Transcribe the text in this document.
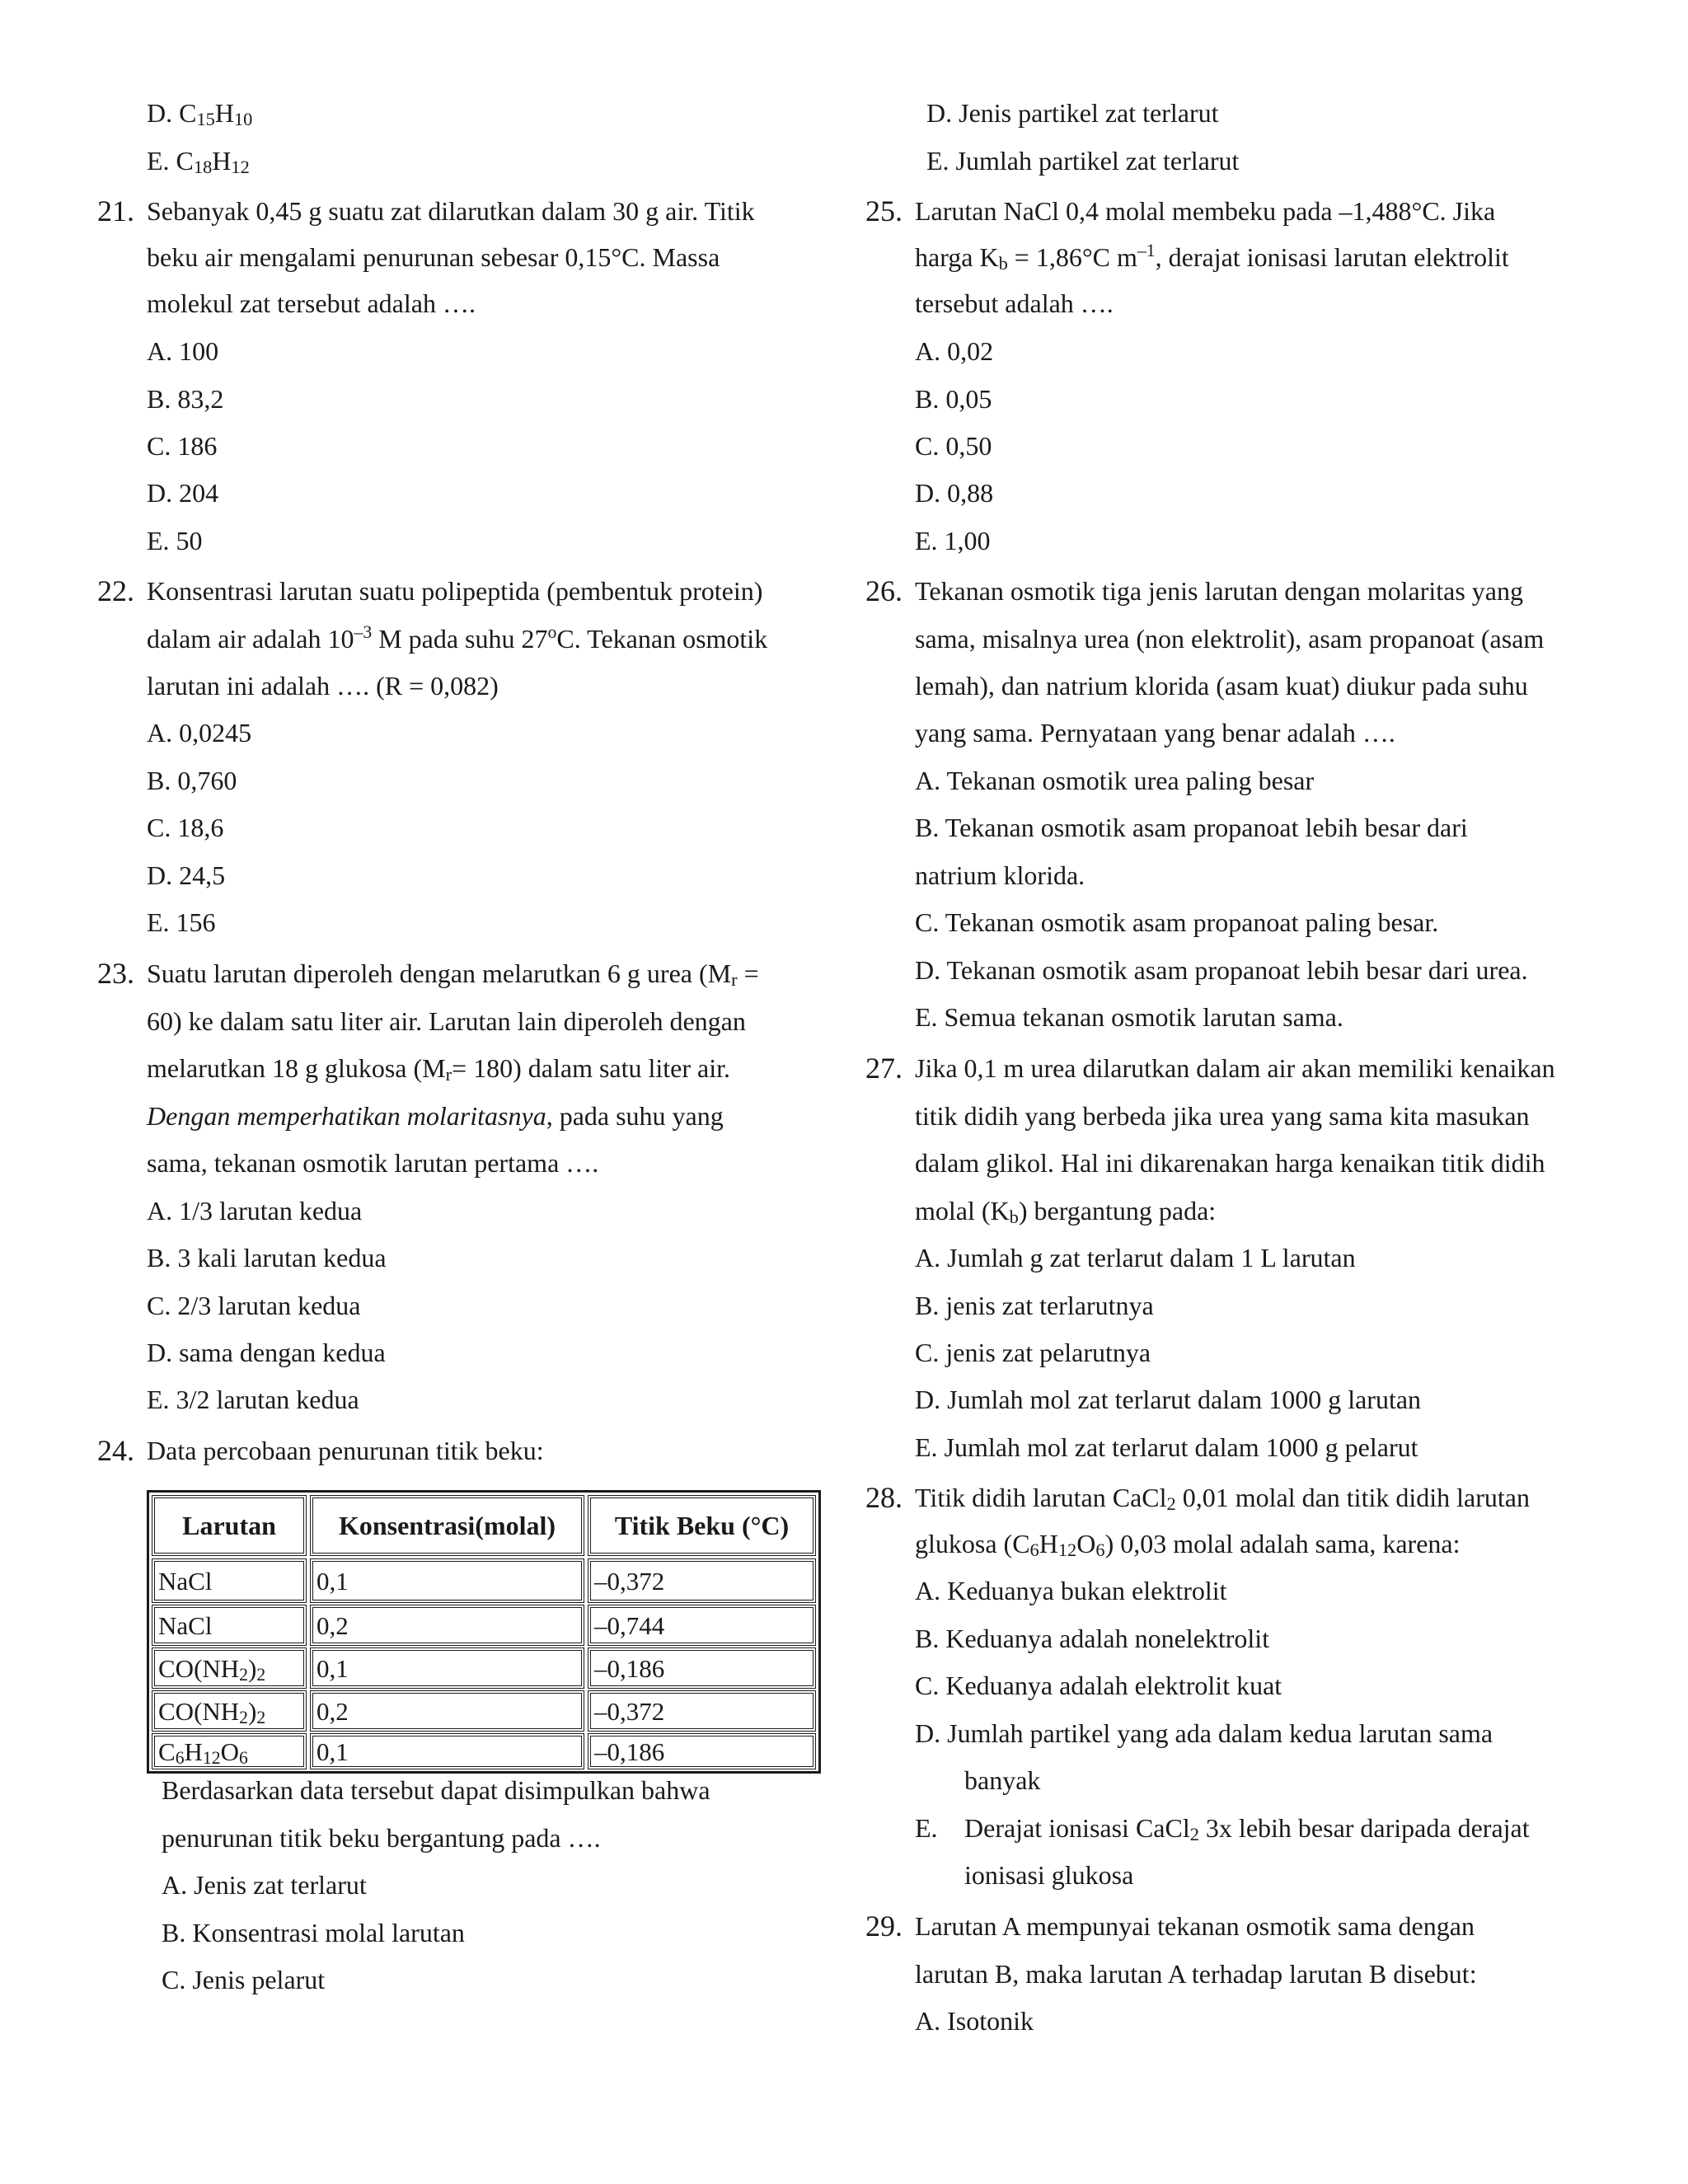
D. $C_{15}H_{10}$
E. $C_{18}H_{12}$
21. Sebanyak 0,45 g suatu zat dilarutkan dalam 30 g air. Titik
beku air mengalami penurunan sebesar 0,15°C. Massa
molekul zat tersebut adalah ….
A. 100
B. 83,2
C. 186
D. 204
E. 50
22. Konsentrasi larutan suatu polipeptida (pembentuk protein)
dalam air adalah $10^{-3}$ M pada suhu 27$^o$C. Tekanan osmotik
larutan ini adalah …. (R = 0,082)
A. 0,0245
B. 0,760
C. 18,6
D. 24,5
E. 156
23. Suatu larutan diperoleh dengan melarutkan 6 g urea ($M_r$ =
60) ke dalam satu liter air. Larutan lain diperoleh dengan
melarutkan 18 g glukosa $(M_r= 180)$ dalam satu liter air.
Dengan memperhatikan molaritasnya, pada suhu yang
sama, tekanan osmotik larutan pertama ….
A. 1/3 larutan kedua
B. 3 kali larutan kedua
C. 2/3 larutan kedua
D. sama dengan kedua
E. 3/2 larutan kedua
24. Data percobaan penurunan titik beku:
Larutan	Konsentrasi(molal)	Titik Beku (°C)
NaCl	0,1	–0,372
NaCl	0,2	–0,744
$CO(NH_2)_2$ 0,1	–0,186
$CO(NH_2)_2$ 0,2	–0,372
$C_6H_{12}O_6$	0,1	–0,186
Berdasarkan data tersebut dapat disimpulkan bahwa
penurunan titik beku bergantung pada ….
A. Jenis zat terlarut
B. Konsentrasi molal larutan
C. Jenis pelarut
D. Jenis partikel zat terlarut
E. Jumlah partikel zat terlarut
25. Larutan NaCl 0,4 molal membeku pada –1,488°C. Jika
harga $K_b = 1,86^\circ C$ $m^{-1}$, derajat ionisasi larutan elektrolit
tersebut adalah ….
A. 0,02
B. 0,05
C. 0,50
D. 0,88
E. 1,00
26. Tekanan osmotik tiga jenis larutan dengan molaritas yang
sama, misalnya urea (non elektrolit), asam propanoat (asam
lemah), dan natrium klorida (asam kuat) diukur pada suhu
yang sama. Pernyataan yang benar adalah ….
A. Tekanan osmotik urea paling besar
B. Tekanan osmotik asam propanoat lebih besar dari
natrium klorida.
C. Tekanan osmotik asam propanoat paling besar.
D. Tekanan osmotik asam propanoat lebih besar dari urea.
E. Semua tekanan osmotik larutan sama.
27. Jika 0,1 m urea dilarutkan dalam air akan memiliki kenaikan
titik didih yang berbeda jika urea yang sama kita masukan
dalam glikol. Hal ini dikarenakan harga kenaikan titik didih
molal $(K_b)$ bergantung pada:
A. Jumlah g zat terlarut dalam 1 L larutan
B. jenis zat terlarutnya
C. jenis zat pelarutnya
D. Jumlah mol zat terlarut dalam 1000 g larutan
E. Jumlah mol zat terlarut dalam 1000 g pelarut
28. Titik didih larutan CaCl$_2$ 0,01 molal dan titik didih larutan
glukosa $(C_6H_{12}O_6)$ 0,03 molal adalah sama, karena:
A. Keduanya bukan elektrolit
B. Keduanya adalah nonelektrolit
C. Keduanya adalah elektrolit kuat
D. Jumlah partikel yang ada dalam kedua larutan sama
banyak
E. Derajat ionisasi CaCl$_2$ 3x lebih besar daripada derajat
ionisasi glukosa
29. Larutan A mempunyai tekanan osmotik sama dengan
larutan B, maka larutan A terhadap larutan B disebut:
A. Isotonik
